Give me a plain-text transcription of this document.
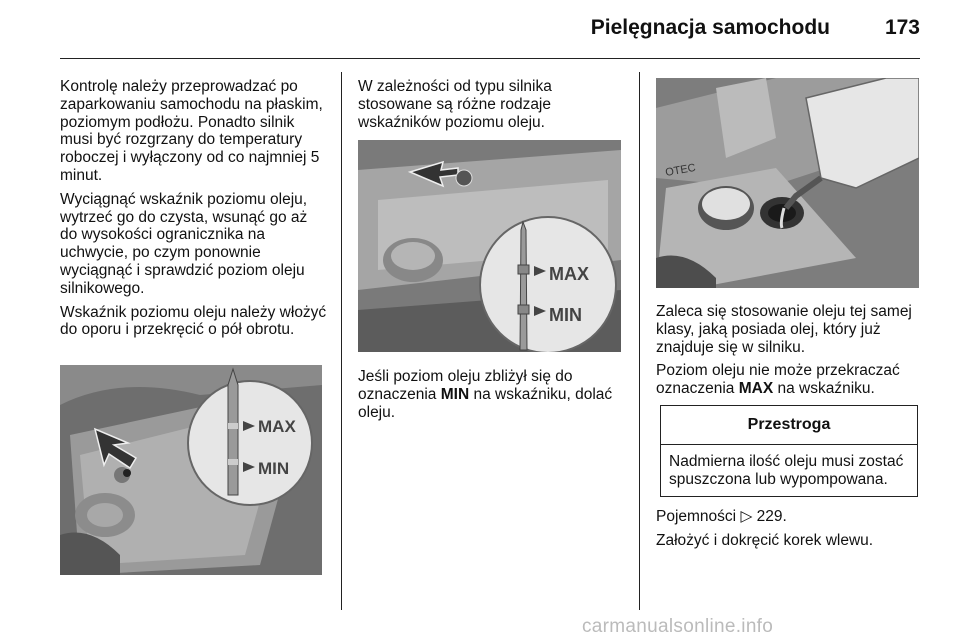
Pielęgnacja samochodu	173

Kontrolę należy przeprowadzać po zaparkowaniu samochodu na płaskim, poziomym podłożu. Ponadto silnik musi być rozgrzany do temperatury roboczej i wyłączony od co najmniej 5 minut.

Wyciągnąć wskaźnik poziomu oleju, wytrzeć go do czysta, wsunąć go aż do wysokości ogranicznika na uchwycie, po czym ponownie wyciągnąć i sprawdzić poziom oleju silnikowego.

Wskaźnik poziomu oleju należy włożyć do oporu i przekręcić o pół obrotu.

MAX
MIN

W zależności od typu silnika stosowane są różne rodzaje wskaźników poziomu oleju.

MAX
MIN

Jeśli poziom oleju zbliżył się do oznaczenia MIN na wskaźniku, dolać oleju.

OTEC

Zaleca się stosowanie oleju tej samej klasy, jaką posiada olej, który już znajduje się w silniku.

Poziom oleju nie może przekraczać oznaczenia MAX na wskaźniku.

Przestroga
Nadmierna ilość oleju musi zostać spuszczona lub wypompowana.

Pojemności ▷ 229.

Założyć i dokręcić korek wlewu.

carmanualsonline.info
